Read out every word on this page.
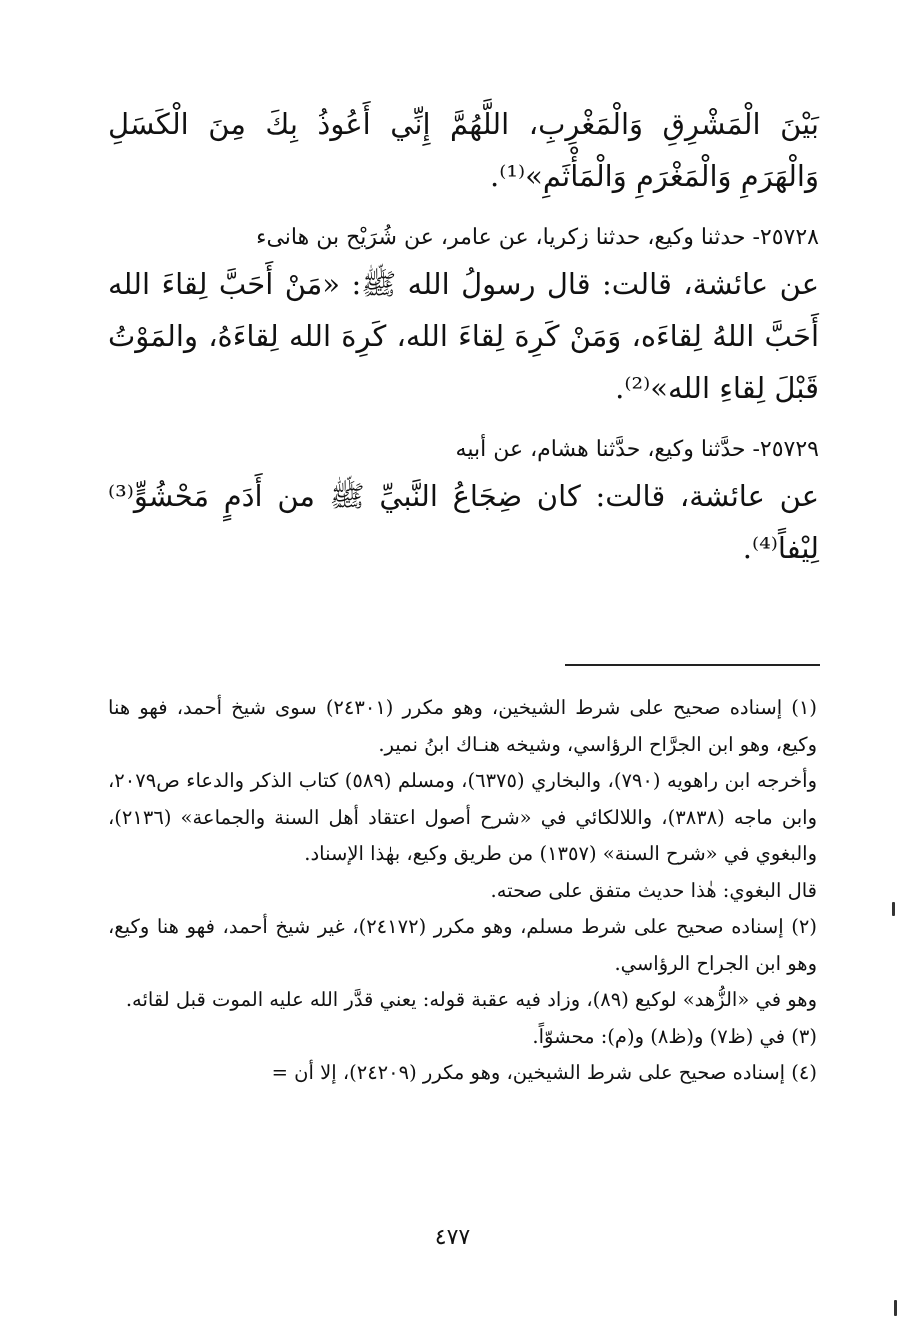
بَيْنَ الْمَشْرِقِ وَالْمَغْرِبِ، اللَّهُمَّ إِنِّي أَعُوذُ بِكَ مِنَ الْكَسَلِ وَالْهَرَمِ وَالْمَغْرَمِ وَالْمَأْثَمِ»⁽¹⁾.

٢٥٧٢٨- حدثنا وكيع، حدثنا زكريا، عن عامر، عن شُرَيْح بن هانىء

عن عائشة، قالت: قال رسولُ الله ﷺ: «مَنْ أَحَبَّ لِقاءَ الله أَحَبَّ اللهُ لِقاءَه، وَمَنْ كَرِهَ لِقاءَ الله، كَرِهَ الله لِقاءَهُ، والمَوْتُ قَبْلَ لِقاءِ الله»⁽²⁾.

٢٥٧٢٩- حدَّثنا وكيع، حدَّثنا هشام، عن أبيه

عن عائشة، قالت: كان ضِجَاعُ النَّبيِّ ﷺ من أَدَمٍ مَحْشُوٍّ⁽³⁾ لِيْفاً⁽⁴⁾.

(١) إسناده صحيح على شرط الشيخين، وهو مكرر (٢٤٣٠١) سوى شيخ أحمد، فهو هنا وكيع، وهو ابن الجرَّاح الرؤاسي، وشيخه هنـاك ابنُ نمير.

وأخرجه ابن راهويه (٧٩٠)، والبخاري (٦٣٧٥)، ومسلم (٥٨٩) كتاب الذكر والدعاء ص٢٠٧٩، وابن ماجه (٣٨٣٨)، واللالكائي في «شرح أصول اعتقاد أهل السنة والجماعة» (٢١٣٦)، والبغوي في «شرح السنة» (١٣٥٧) من طريق وكيع، بهٰذا الإسناد.

قال البغوي: هٰذا حديث متفق على صحته.

(٢) إسناده صحيح على شرط مسلم، وهو مكرر (٢٤١٧٢)، غير شيخ أحمد، فهو هنا وكيع، وهو ابن الجراح الرؤاسي.

وهو في «الزُّهد» لوكيع (٨٩)، وزاد فيه عقبة قوله: يعني قدَّر الله عليه الموت قبل لقائه.

(٣) في (ظ٧) و(ظ٨) و(م): محشوّاً.

(٤) إسناده صحيح على شرط الشيخين، وهو مكرر (٢٤٢٠٩)، إلا أن =

٤٧٧
